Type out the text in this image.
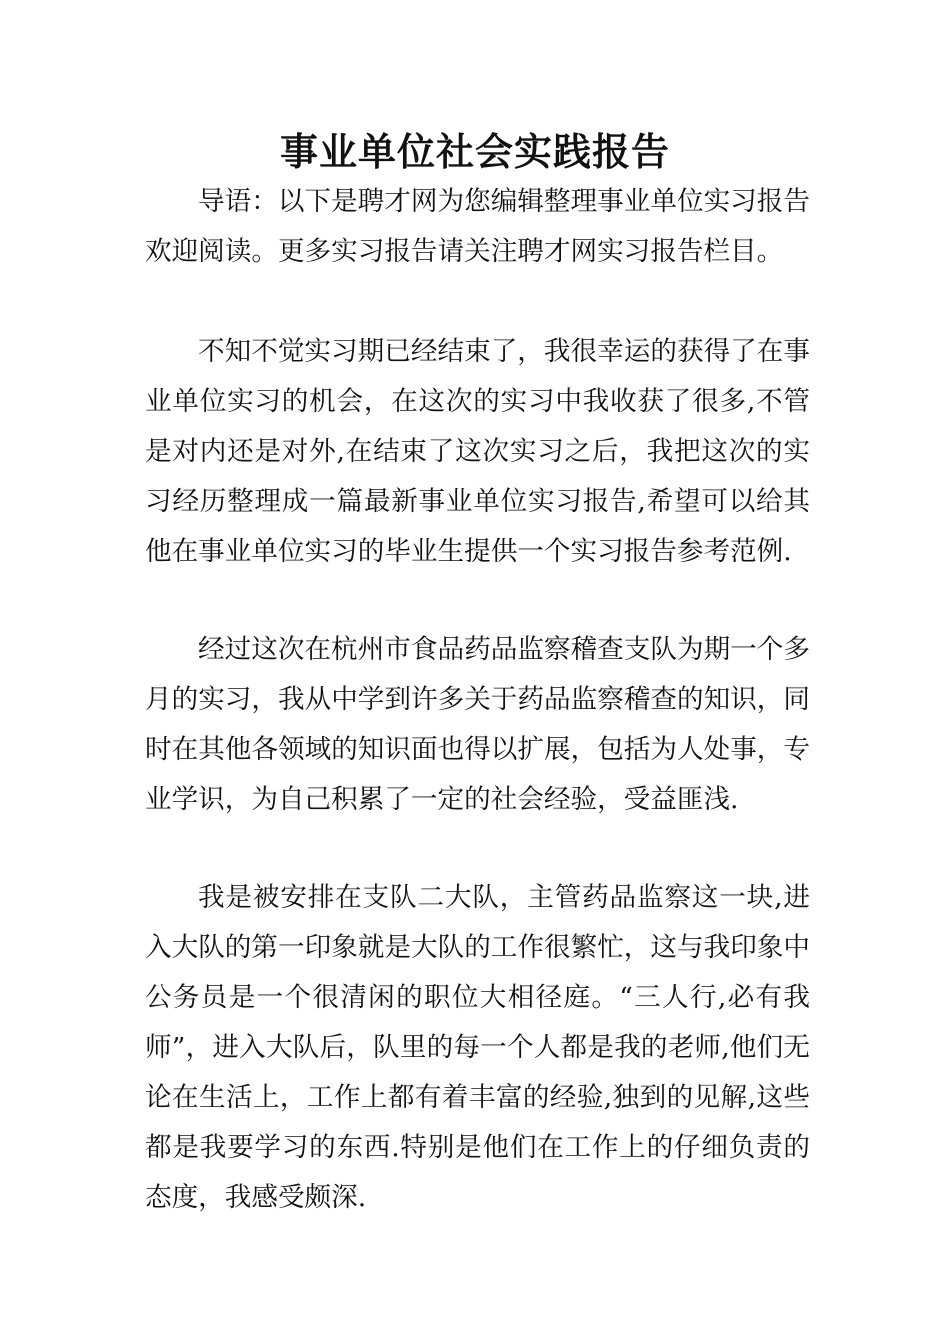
事业单位社会实践报告

导语：以下是聘才网为您编辑整理事业单位实习报告欢迎阅读。更多实习报告请关注聘才网实习报告栏目。

不知不觉实习期已经结束了，我很幸运的获得了在事业单位实习的机会，在这次的实习中我收获了很多,不管是对内还是对外,在结束了这次实习之后，我把这次的实习经历整理成一篇最新事业单位实习报告,希望可以给其他在事业单位实习的毕业生提供一个实习报告参考范例.

经过这次在杭州市食品药品监察稽查支队为期一个多月的实习，我从中学到许多关于药品监察稽查的知识，同时在其他各领域的知识面也得以扩展，包括为人处事，专业学识，为自己积累了一定的社会经验，受益匪浅.

我是被安排在支队二大队，主管药品监察这一块,进入大队的第一印象就是大队的工作很繁忙，这与我印象中公务员是一个很清闲的职位大相径庭。“三人行,必有我师”，进入大队后，队里的每一个人都是我的老师,他们无论在生活上，工作上都有着丰富的经验,独到的见解,这些都是我要学习的东西.特别是他们在工作上的仔细负责的态度，我感受颇深.
